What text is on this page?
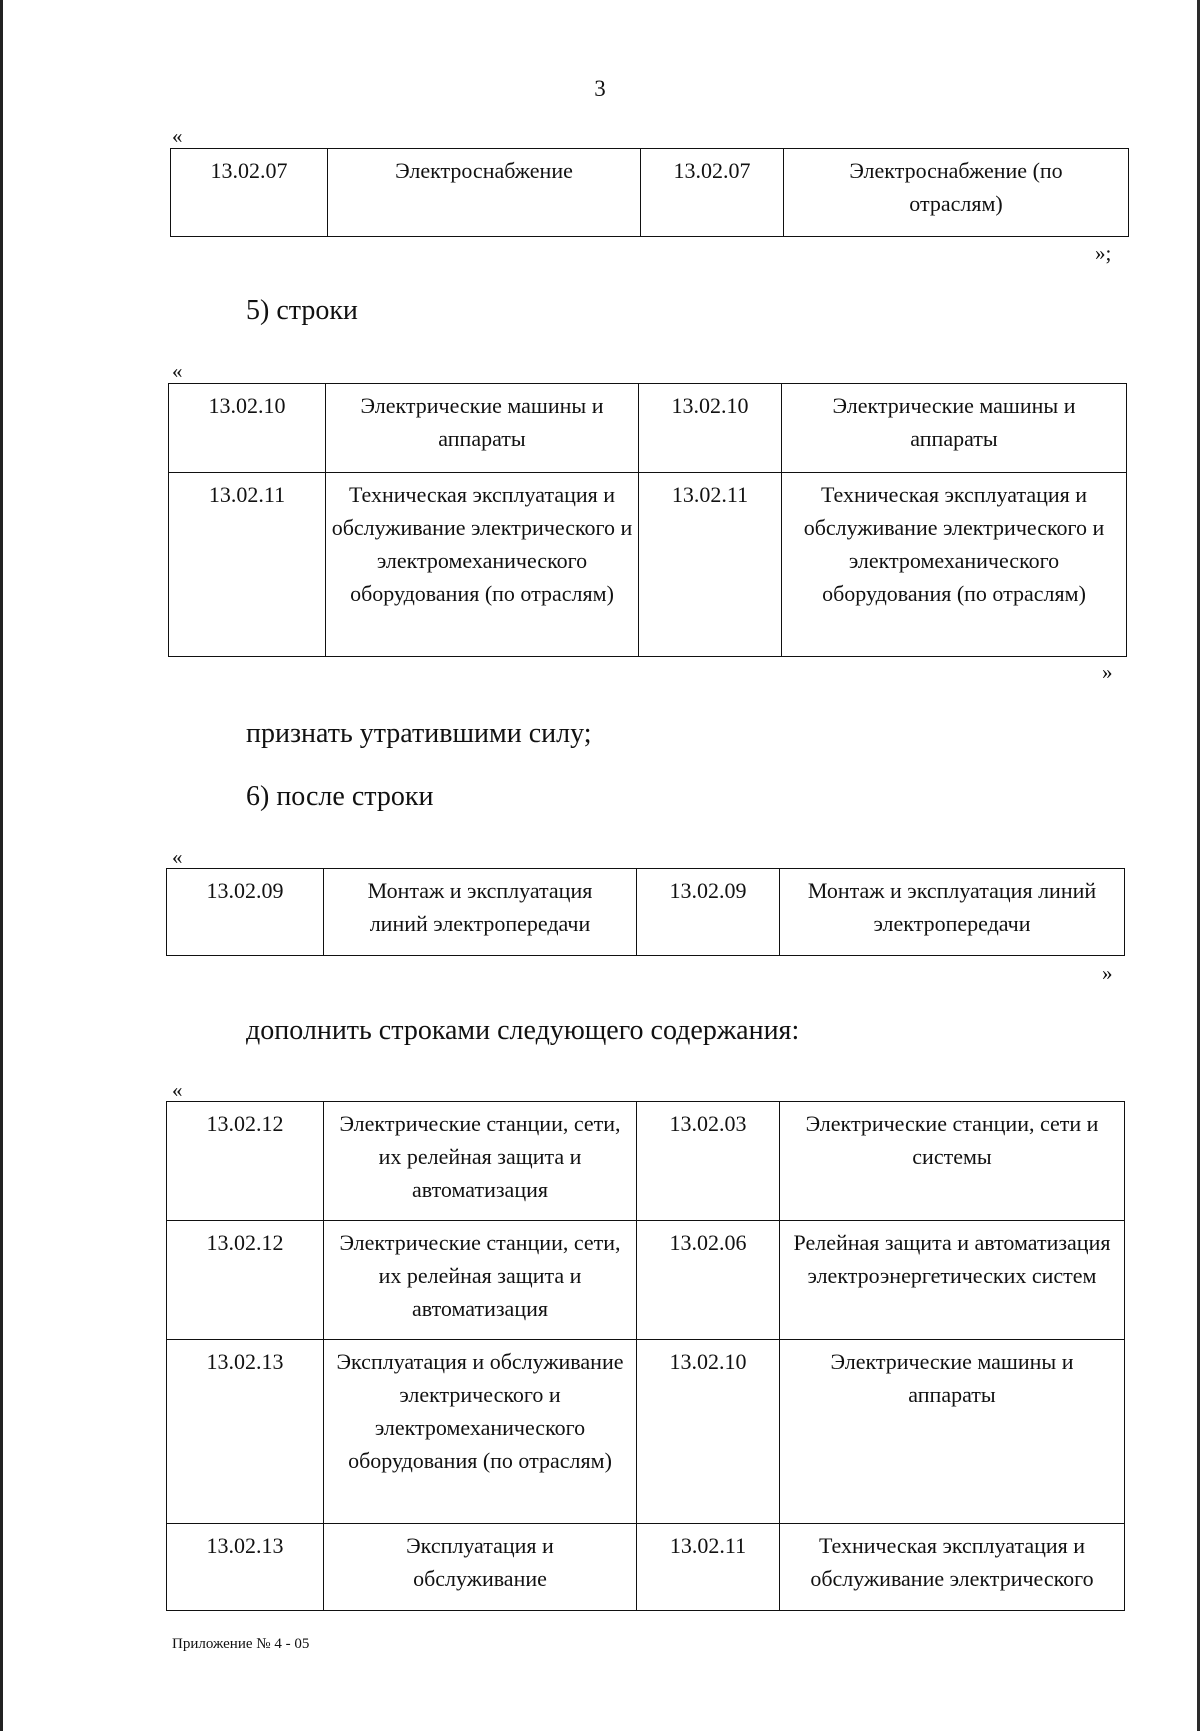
3
«
13.02.07	Электроснабжение	13.02.07	Электроснабжение (по отраслям)
»;
5) строки
«
13.02.10	Электрические машины и аппараты	13.02.10	Электрические машины и аппараты
13.02.11	Техническая эксплуатация и обслуживание электрического и электромеханического оборудования (по отраслям)	13.02.11	Техническая эксплуатация и обслуживание электрического и электромеханического оборудования (по отраслям)
»
признать утратившими силу;
6) после строки
«
13.02.09	Монтаж и эксплуатация линий электропередачи	13.02.09	Монтаж и эксплуатация линий электропередачи
»
дополнить строками следующего содержания:
«
13.02.12	Электрические станции, сети, их релейная защита и автоматизация	13.02.03	Электрические станции, сети и системы
13.02.12	Электрические станции, сети, их релейная защита и автоматизация	13.02.06	Релейная защита и автоматизация электроэнергетических систем
13.02.13	Эксплуатация и обслуживание электрического и электромеханического оборудования (по отраслям)	13.02.10	Электрические машины и аппараты
13.02.13	Эксплуатация и обслуживание	13.02.11	Техническая эксплуатация и обслуживание электрического
Приложение № 4 - 05
